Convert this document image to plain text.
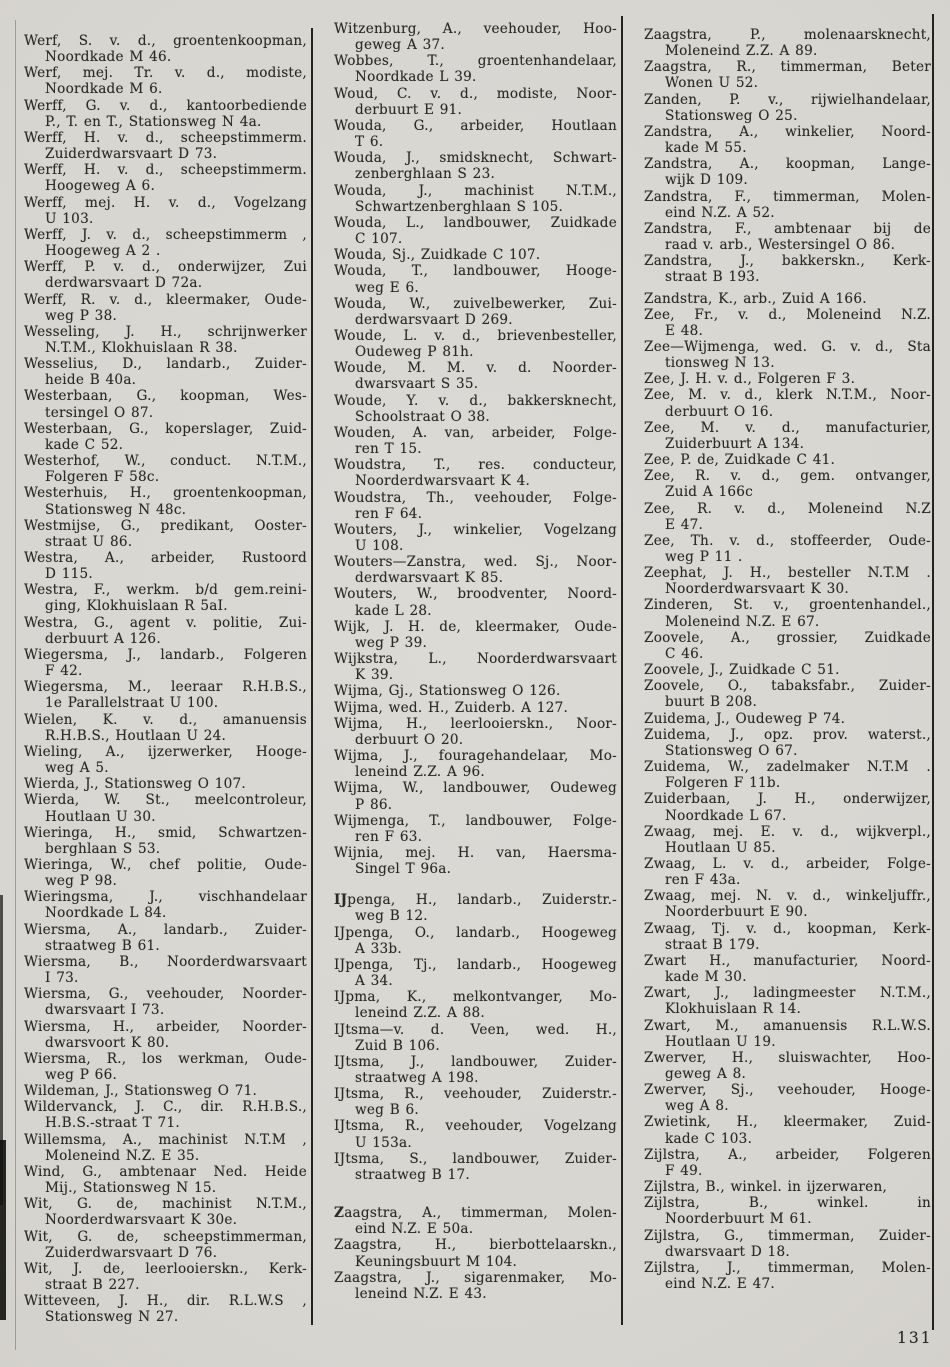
Werf, S. v. d., groentenkoopman,
Noordkade M 46.

Werf, mej. Tr. v. d., modiste,
Noordkade M 6.

Werff, G. v. d., kantoorbediende
P., T. en T., Stationsweg N 4a.

Werff, H. v. d., scheepstimmerm.
Zuiderdwarsvaart D 73.

Werff, H. v. d., scheepstimmerm.
Hoogeweg A 6.

Werff, mej. H. v. d., Vogelzang
U 103.

Werff, J. v. d., scheepstimmerm ,
Hoogeweg A 2 .

Werff, P. v. d., onderwijzer, Zui
derdwarsvaart D 72a.

Werff, R. v. d., kleermaker, Oude-
weg P 38.

Wesseling, J. H., schrijnwerker
N.T.M., Klokhuislaan R 38.

Wesselius, D., landarb., Zuider-
heide B 40a.

Westerbaan, G., koopman, Wes-
tersingel O 87.

Westerbaan, G., koperslager, Zuid-
kade C 52.

Westerhof, W., conduct. N.T.M.,
Folgeren F 58c.

Westerhuis, H., groentenkoopman,
Stationsweg N 48c.

Westmijse, G., predikant, Ooster-
straat U 86.

Westra, A., arbeider, Rustoord
D 115.

Westra, F., werkm. b/d gem.reini-
ging, Klokhuislaan R 5aI.

Westra, G., agent v. politie, Zui-
derbuurt A 126.

Wiegersma, J., landarb., Folgeren
F 42.

Wiegersma, M., leeraar R.H.B.S.,
1e Parallelstraat U 100.

Wielen, K. v. d., amanuensis
R.H.B.S., Houtlaan U 24.

Wieling, A., ijzerwerker, Hooge-
weg A 5.

Wierda, J., Stationsweg O 107.

Wierda, W. St., meelcontroleur,
Houtlaan U 30.

Wieringa, H., smid, Schwartzen-
berghlaan S 53.

Wieringa, W., chef politie, Oude-
weg P 98.

Wieringsma, J., vischhandelaar
Noordkade L 84.

Wiersma, A., landarb., Zuider-
straatweg B 61.

Wiersma, B., Noorderdwarsvaart
I 73.

Wiersma, G., veehouder, Noorder-
dwarsvaart I 73.

Wiersma, H., arbeider, Noorder-
dwarsvoort K 80.

Wiersma, R., los werkman, Oude-
weg P 66.

Wildeman, J., Stationsweg O 71.

Wildervanck, J. C., dir. R.H.B.S.,
H.B.S.-straat T 71.

Willemsma, A., machinist N.T.M ,
Moleneind N.Z. E 35.

Wind, G., ambtenaar Ned. Heide
Mij., Stationsweg N 15.

Wit, G. de, machinist N.T.M.,
Noorderdwarsvaart K 30e.

Wit, G. de, scheepstimmerman,
Zuiderdwarsvaart D 76.

Wit, J. de, leerlooierskn., Kerk-
straat B 227.

Witteveen, J. H., dir. R.L.W.S ,
Stationsweg N 27.

Witzenburg, A., veehouder, Hoo-
geweg A 37.

Wobbes, T., groentenhandelaar,
Noordkade L 39.

Woud, C. v. d., modiste, Noor-
derbuurt E 91.

Wouda, G., arbeider, Houtlaan
T 6.

Wouda, J., smidsknecht, Schwart-
zenberghlaan S 23.

Wouda, J., machinist N.T.M.,
Schwartzenberghlaan S 105.

Wouda, L., landbouwer, Zuidkade
C 107.

Wouda, Sj., Zuidkade C 107.

Wouda, T., landbouwer, Hooge-
weg E 6.

Wouda, W., zuivelbewerker, Zui-
derdwarsvaart D 269.

Woude, L. v. d., brievenbesteller,
Oudeweg P 81h.

Woude, M. M. v. d. Noorder-
dwarsvaart S 35.

Woude, Y. v. d., bakkersknecht,
Schoolstraat O 38.

Wouden, A. van, arbeider, Folge-
ren T 15.

Woudstra, T., res. conducteur,
Noorderdwarsvaart K 4.

Woudstra, Th., veehouder, Folge-
ren F 64.

Wouters, J., winkelier, Vogelzang
U 108.

Wouters—Zanstra, wed. Sj., Noor-
derdwarsvaart K 85.

Wouters, W., broodventer, Noord-
kade L 28.

Wijk, J. H. de, kleermaker, Oude-
weg P 39.

Wijkstra, L., Noorderdwarsvaart
K 39.

Wijma, Gj., Stationsweg O 126.

Wijma, wed. H., Zuiderb. A 127.

Wijma, H., leerlooierskn., Noor-
derbuurt O 20.

Wijma, J., fouragehandelaar, Mo-
leneind Z.Z. A 96.

Wijma, W., landbouwer, Oudeweg
P 86.

Wijmenga, T., landbouwer, Folge-
ren F 63.

Wijnia, mej. H. van, Haersma-
Singel T 96a.

IJpenga, H., landarb., Zuiderstr.-
weg B 12.

IJpenga, O., landarb., Hoogeweg
A 33b.

IJpenga, Tj., landarb., Hoogeweg
A 34.

IJpma, K., melkontvanger, Mo-
leneind Z.Z. A 88.

IJtsma—v. d. Veen, wed. H.,
Zuid B 106.

IJtsma, J., landbouwer, Zuider-
straatweg A 198.

IJtsma, R., veehouder, Zuiderstr.-
weg B 6.

IJtsma, R., veehouder, Vogelzang
U 153a.

IJtsma, S., landbouwer, Zuider-
straatweg B 17.

Zaagstra, A., timmerman, Molen-
eind N.Z. E 50a.

Zaagstra, H., bierbottelaarskn.,
Keuningsbuurt M 104.

Zaagstra, J., sigarenmaker, Mo-
leneind N.Z. E 43.

Zaagstra, P., molenaarsknecht,
Moleneind Z.Z. A 89.

Zaagstra, R., timmerman, Beter
Wonen U 52.

Zanden, P. v., rijwielhandelaar,
Stationsweg O 25.

Zandstra, A., winkelier, Noord-
kade M 55.

Zandstra, A., koopman, Lange-
wijk D 109.

Zandstra, F., timmerman, Molen-
eind N.Z. A 52.

Zandstra, F., ambtenaar bij de
raad v. arb., Westersingel O 86.

Zandstra, J., bakkerskn., Kerk-
straat B 193.

Zandstra, K., arb., Zuid A 166.

Zee, Fr., v. d., Moleneind N.Z.
E 48.

Zee—Wijmenga, wed. G. v. d., Sta
tionsweg N 13.

Zee, J. H. v. d., Folgeren F 3.

Zee, M. v. d., klerk N.T.M., Noor-
derbuurt O 16.

Zee, M. v. d., manufacturier,
Zuiderbuurt A 134.

Zee, P. de, Zuidkade C 41.

Zee, R. v. d., gem. ontvanger,
Zuid A 166c

Zee, R. v. d., Moleneind N.Z
E 47.

Zee, Th. v. d., stoffeerder, Oude-
weg P 11 .

Zeephat, J. H., besteller N.T.M .
Noorderdwarsvaart K 30.

Zinderen, St. v., groentenhandel.,
Moleneind N.Z. E 67.

Zoovele, A., grossier, Zuidkade
C 46.

Zoovele, J., Zuidkade C 51.

Zoovele, O., tabaksfabr., Zuider-
buurt B 208.

Zuidema, J., Oudeweg P 74.

Zuidema, J., opz. prov. waterst.,
Stationsweg O 67.

Zuidema, W., zadelmaker N.T.M .
Folgeren F 11b.

Zuiderbaan, J. H., onderwijzer,
Noordkade L 67.

Zwaag, mej. E. v. d., wijkverpl.,
Houtlaan U 85.

Zwaag, L. v. d., arbeider, Folge-
ren F 43a.

Zwaag, mej. N. v. d., winkeljuffr.,
Noorderbuurt E 90.

Zwaag, Tj. v. d., koopman, Kerk-
straat B 179.

Zwart H., manufacturier, Noord-
kade M 30.

Zwart, J., ladingmeester N.T.M.,
Klokhuislaan R 14.

Zwart, M., amanuensis R.L.W.S.
Houtlaan U 19.

Zwerver, H., sluiswachter, Hoo-
geweg A 8.

Zwerver, Sj., veehouder, Hooge-
weg A 8.

Zwietink, H., kleermaker, Zuid-
kade C 103.

Zijlstra, A., arbeider, Folgeren
F 49.

Zijlstra, B., winkel. in ijzerwaren,

Zijlstra, B., winkel. in
Noorderbuurt M 61.

Zijlstra, G., timmerman, Zuider-
dwarsvaart D 18.

Zijlstra, J., timmerman, Molen-
eind N.Z. E 47.

131
